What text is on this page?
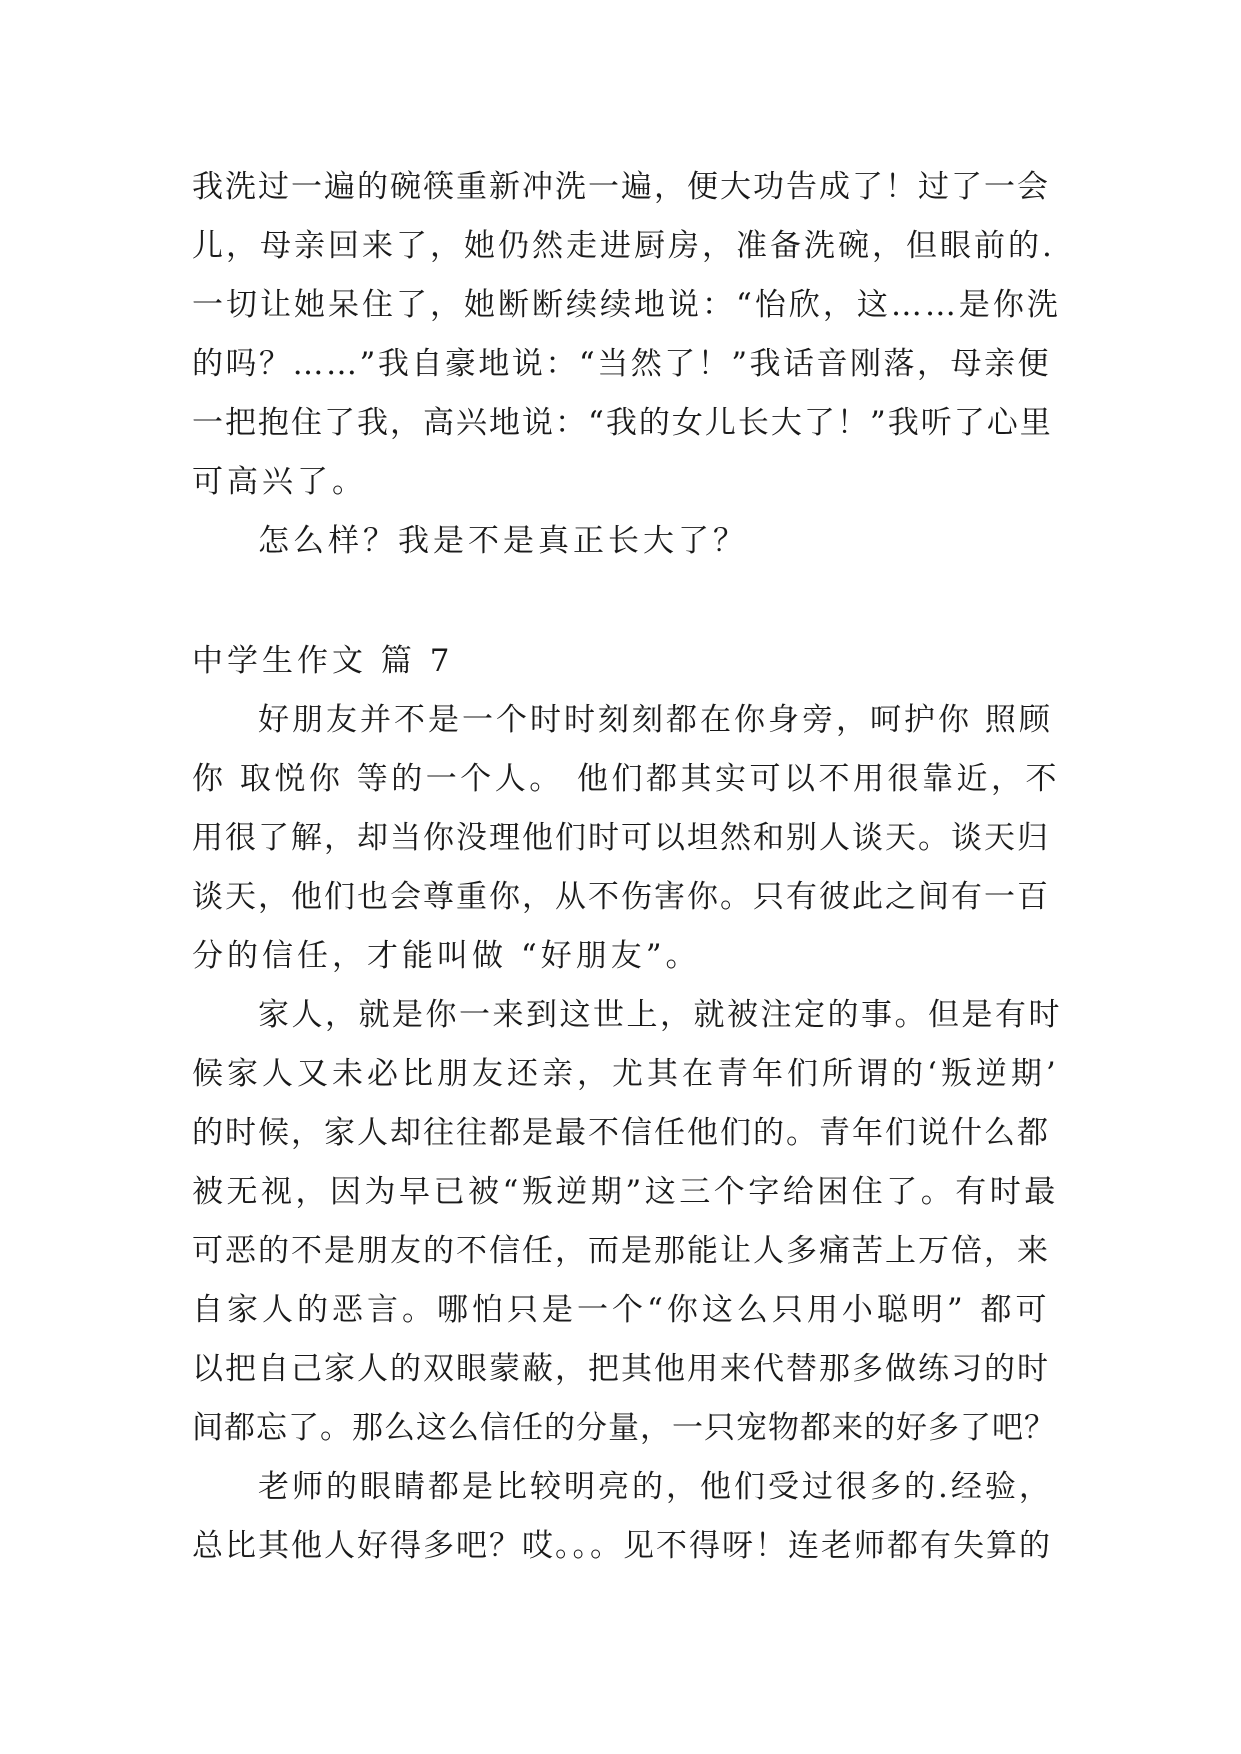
我洗过一遍的碗筷重新冲洗一遍，便大功告成了！过了一会
儿，母亲回来了，她仍然走进厨房，准备洗碗，但眼前的.
一切让她呆住了，她断断续续地说：“怡欣，这……是你洗
的吗？……”我自豪地说：“当然了！”我话音刚落，母亲便
一把抱住了我，高兴地说：“我的女儿长大了！”我听了心里
可高兴了。
怎么样？我是不是真正长大了？
中学生作文 篇 7
好朋友并不是一个时时刻刻都在你身旁，呵护你 照顾
你 取悦你 等的一个人。 他们都其实可以不用很靠近，不
用很了解，却当你没理他们时可以坦然和别人谈天。谈天归
谈天，他们也会尊重你，从不伤害你。只有彼此之间有一百
分的信任，才能叫做 “好朋友”。
家人，就是你一来到这世上，就被注定的事。但是有时
候家人又未必比朋友还亲，尤其在青年们所谓的‘叛逆期’
的时候，家人却往往都是最不信任他们的。青年们说什么都
被无视，因为早已被“叛逆期”这三个字给困住了。有时最
可恶的不是朋友的不信任，而是那能让人多痛苦上万倍，来
自家人的恶言。哪怕只是一个“你这么只用小聪明” 都可
以把自己家人的双眼蒙蔽，把其他用来代替那多做练习的时
间都忘了。那么这么信任的分量，一只宠物都来的好多了吧？
老师的眼睛都是比较明亮的，他们受过很多的.经验，
总比其他人好得多吧？哎。。。见不得呀！连老师都有失算的
